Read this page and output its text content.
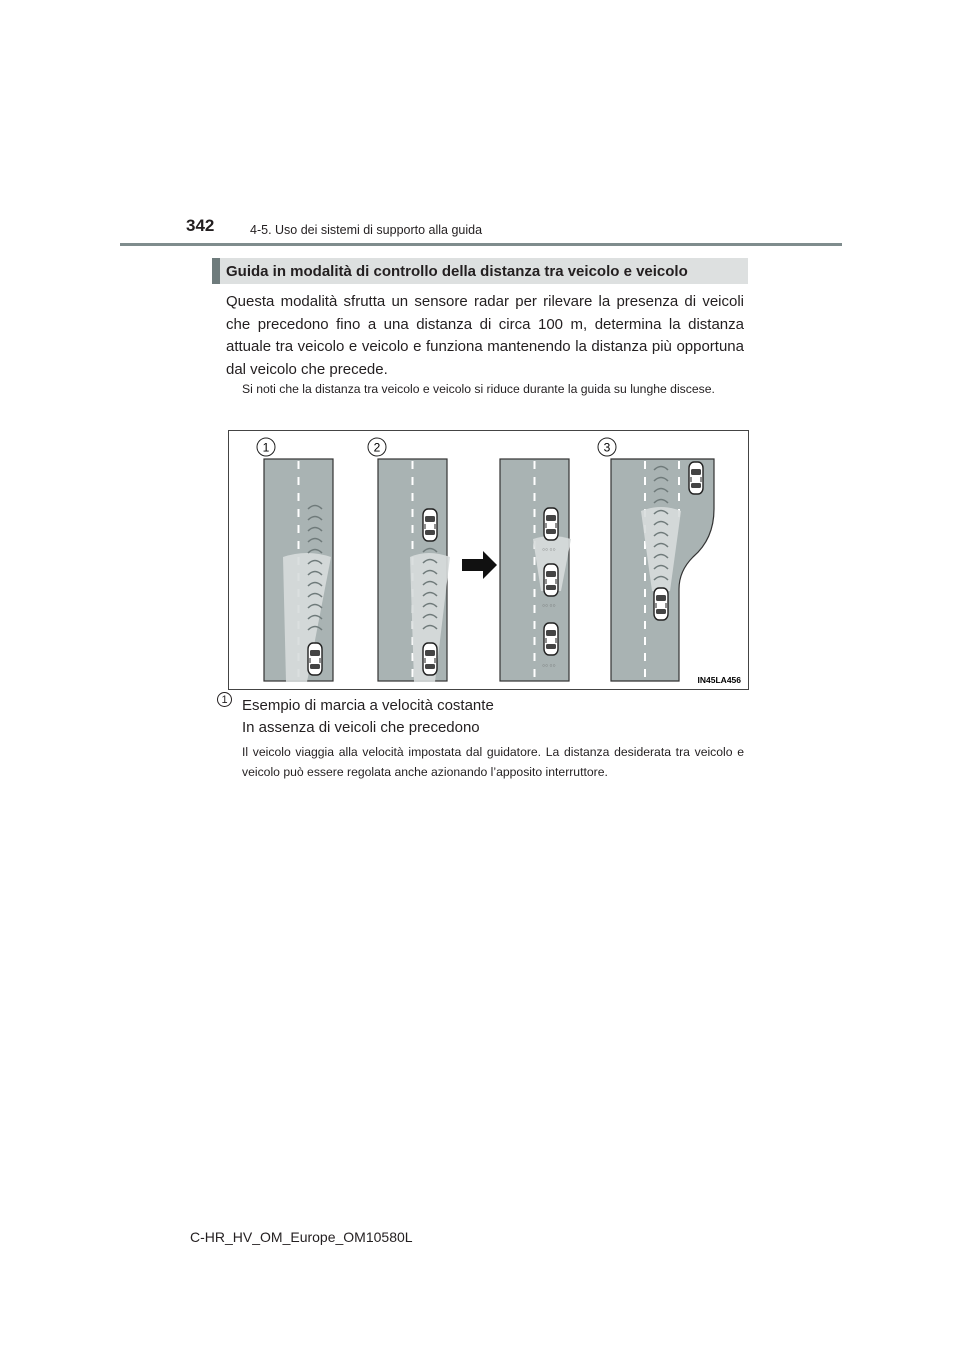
342	4-5. Uso dei sistemi di supporto alla guida
Guida in modalità di controllo della distanza tra veicolo e veicolo
Questa modalità sfrutta un sensore radar per rilevare la presenza di veicoli che precedono fino a una distanza di circa 100 m, determina la distanza attuale tra veicolo e veicolo e funziona mantenendo la distanza più opportuna dal veicolo che precede.
Si noti che la distanza tra veicolo e veicolo si riduce durante la guida su lunghe discese.
1	2
○○ ○○
○○ ○○
○○ ○○
3
IN45LA456
1 Esempio di marcia a velocità costante
In assenza di veicoli che precedono
Il veicolo viaggia alla velocità impostata dal guidatore. La distanza desiderata tra veicolo e veicolo può essere regolata anche azionando l’apposito interruttore.
C-HR_HV_OM_Europe_OM10580L
